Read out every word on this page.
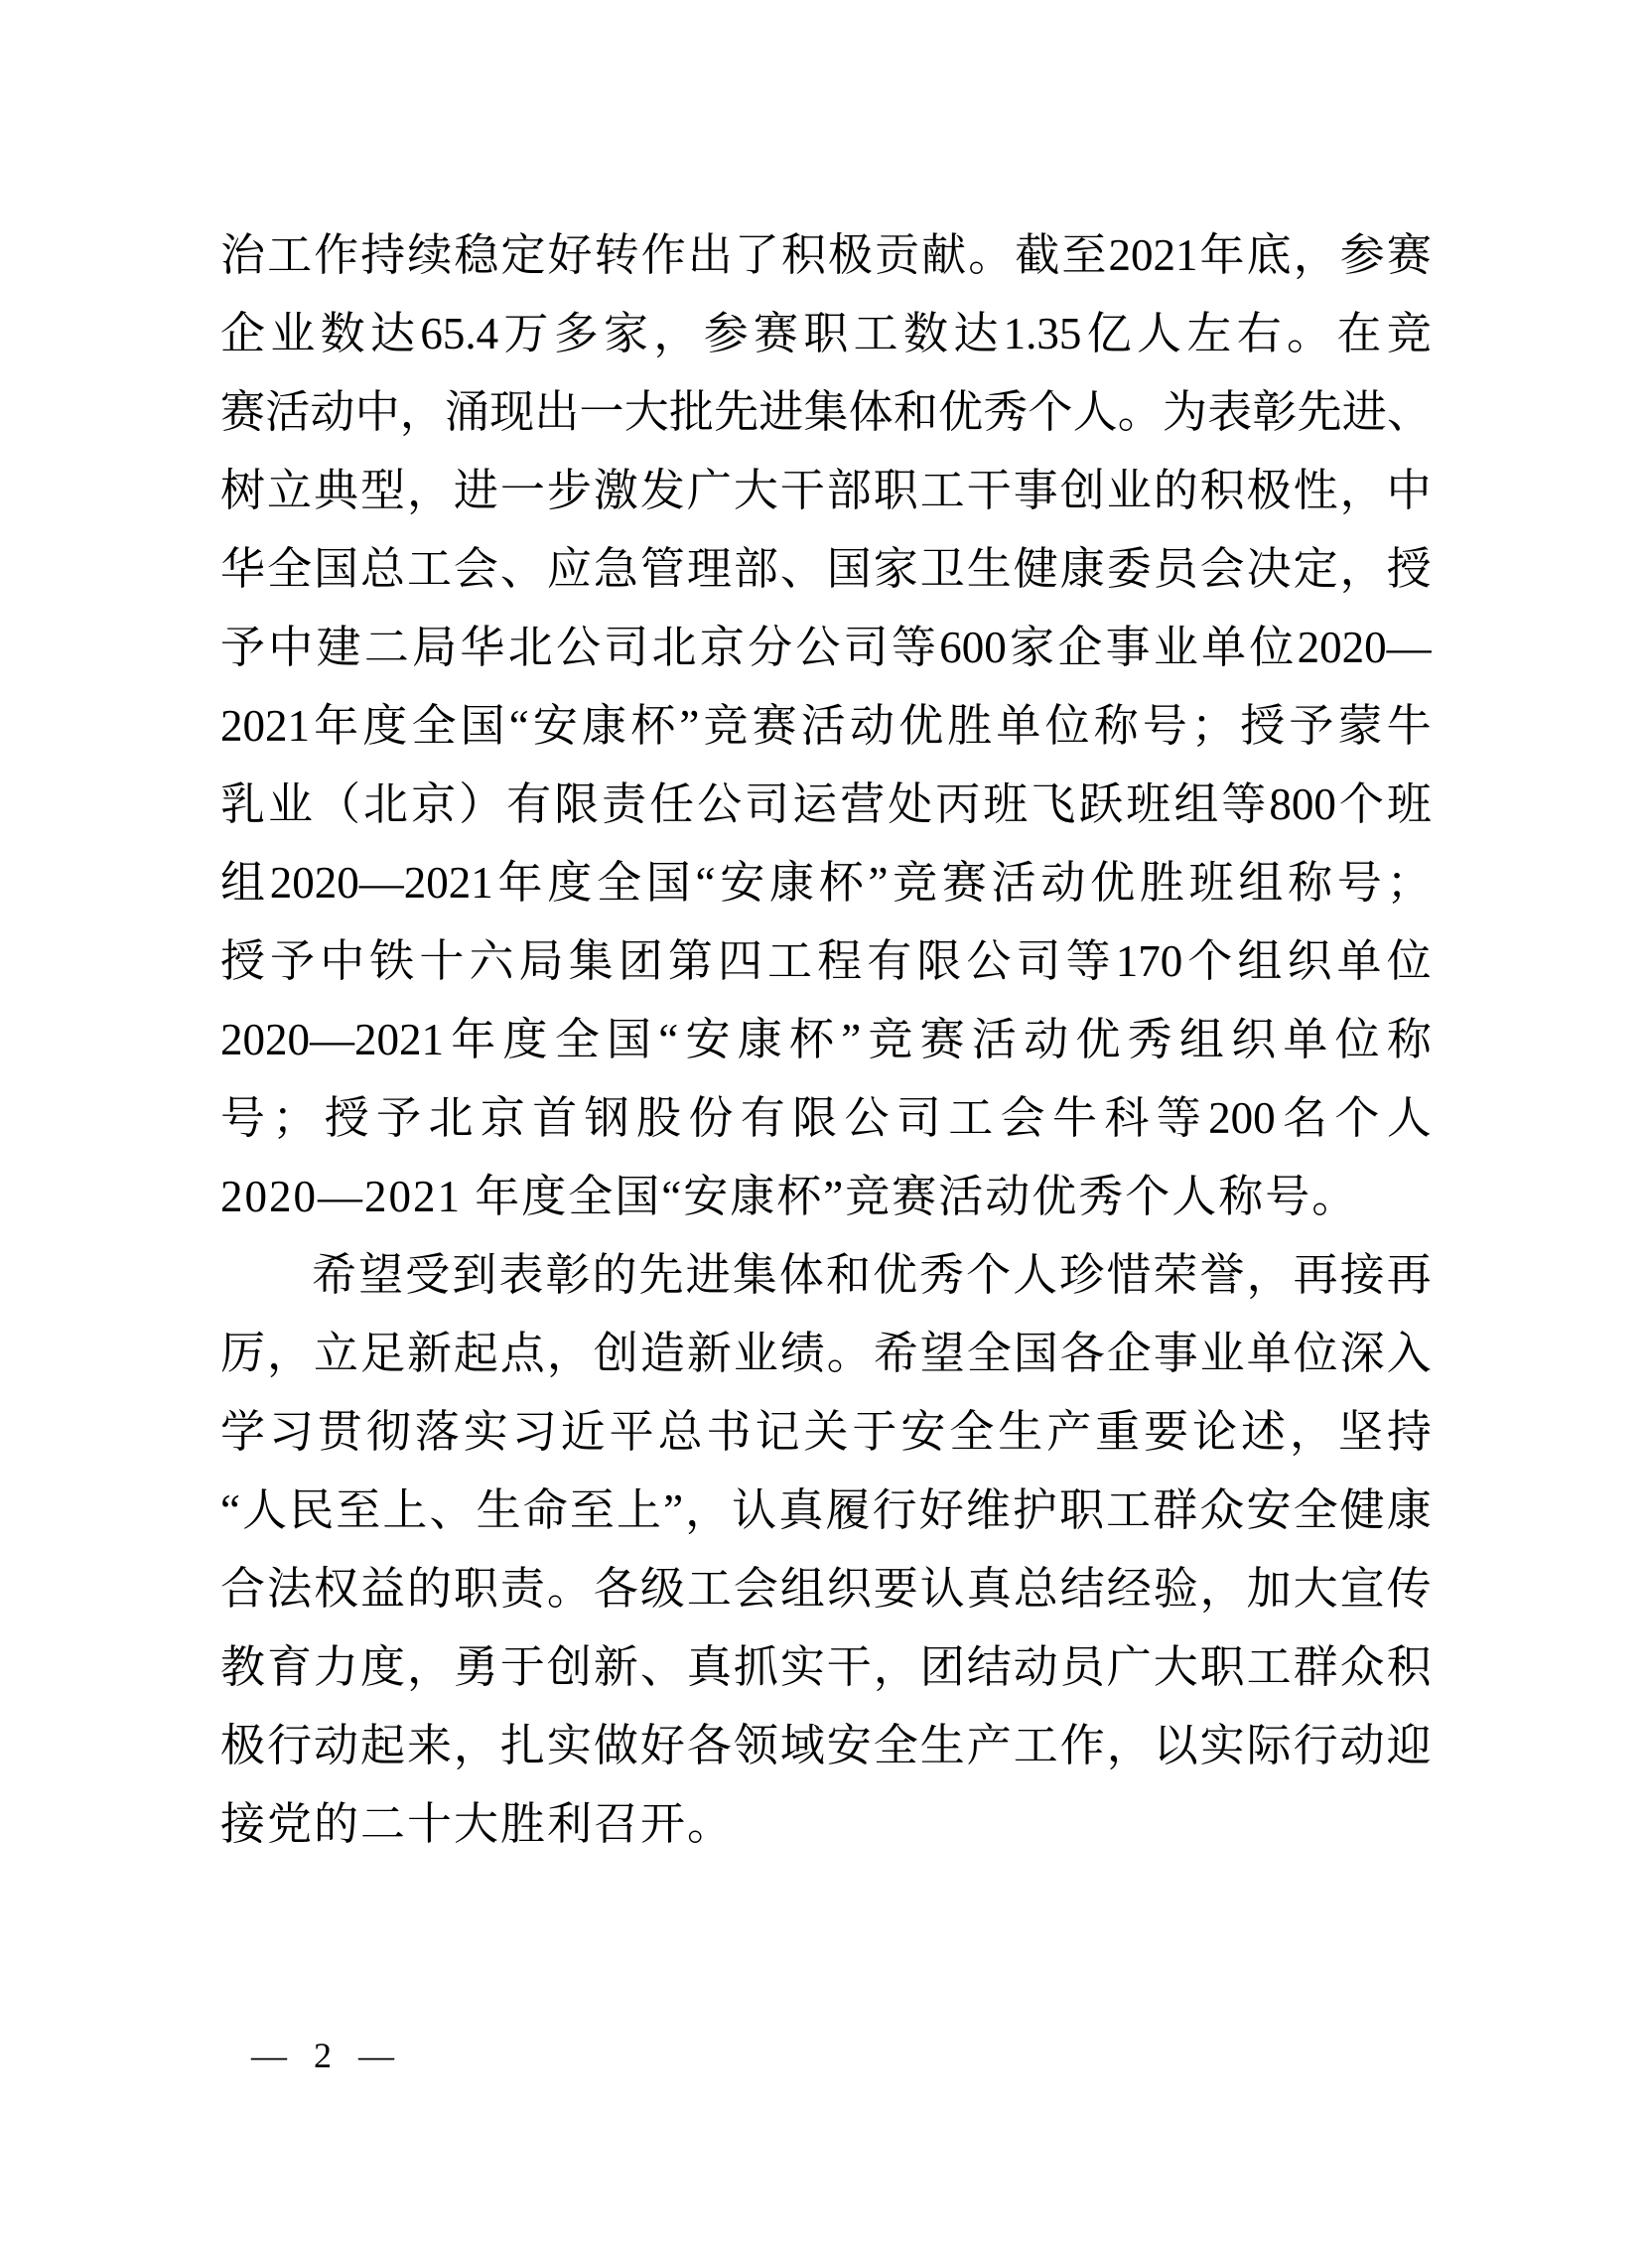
治 工 作 持 续 稳 定 好 转 作 出 了 积 极 贡 献 。 截 至 2021 年 底 ， 参 赛
企 业 数 达 65.4 万 多 家 ， 参 赛 职 工 数 达 1.35 亿 人 左 右 。 在 竞
赛 活 动 中 ， 涌 现 出 一 大 批 先 进 集 体 和 优 秀 个 人 。 为 表 彰 先 进 、
树 立 典 型 ， 进 一 步 激 发 广 大 干 部 职 工 干 事 创 业 的 积 极 性 ， 中
华 全 国 总 工 会 、 应 急 管 理 部 、 国 家 卫 生 健 康 委 员 会 决 定 ， 授
予 中 建 二 局 华 北 公 司 北 京 分 公 司 等 600 家 企 事 业 单 位 2020—
2021 年 度 全 国 “ 安 康 杯 ” 竞 赛 活 动 优 胜 单 位 称 号 ； 授 予 蒙 牛
乳 业 （ 北 京 ） 有 限 责 任 公 司 运 营 处 丙 班 飞 跃 班 组 等 800 个 班
组 2020—2021 年 度 全 国 “ 安 康 杯 ” 竞 赛 活 动 优 胜 班 组 称 号 ；
授 予 中 铁 十 六 局 集 团 第 四 工 程 有 限 公 司 等 170 个 组 织 单 位
2020—2021 年 度 全 国 “ 安 康 杯 ” 竞 赛 活 动 优 秀 组 织 单 位 称
号 ； 授 予 北 京 首 钢 股 份 有 限 公 司 工 会 牛 科 等 200 名 个 人
2020—2021 年度全国“安康杯”竞赛活动优秀个人称号。
希 望 受 到 表 彰 的 先 进 集 体 和 优 秀 个 人 珍 惜 荣 誉 ， 再 接 再
厉 ， 立 足 新 起 点 ， 创 造 新 业 绩 。 希 望 全 国 各 企 事 业 单 位 深 入
学 习 贯 彻 落 实 习 近 平 总 书 记 关 于 安 全 生 产 重 要 论 述 ， 坚 持
“ 人 民 至 上 、 生 命 至 上 ” ， 认 真 履 行 好 维 护 职 工 群 众 安 全 健 康
合 法 权 益 的 职 责 。 各 级 工 会 组 织 要 认 真 总 结 经 验 ， 加 大 宣 传
教 育 力 度 ， 勇 于 创 新 、 真 抓 实 干 ， 团 结 动 员 广 大 职 工 群 众 积
极 行 动 起 来 ， 扎 实 做 好 各 领 域 安 全 生 产 工 作 ， 以 实 际 行 动 迎
接党的二十大胜利召开。
— 2 —
